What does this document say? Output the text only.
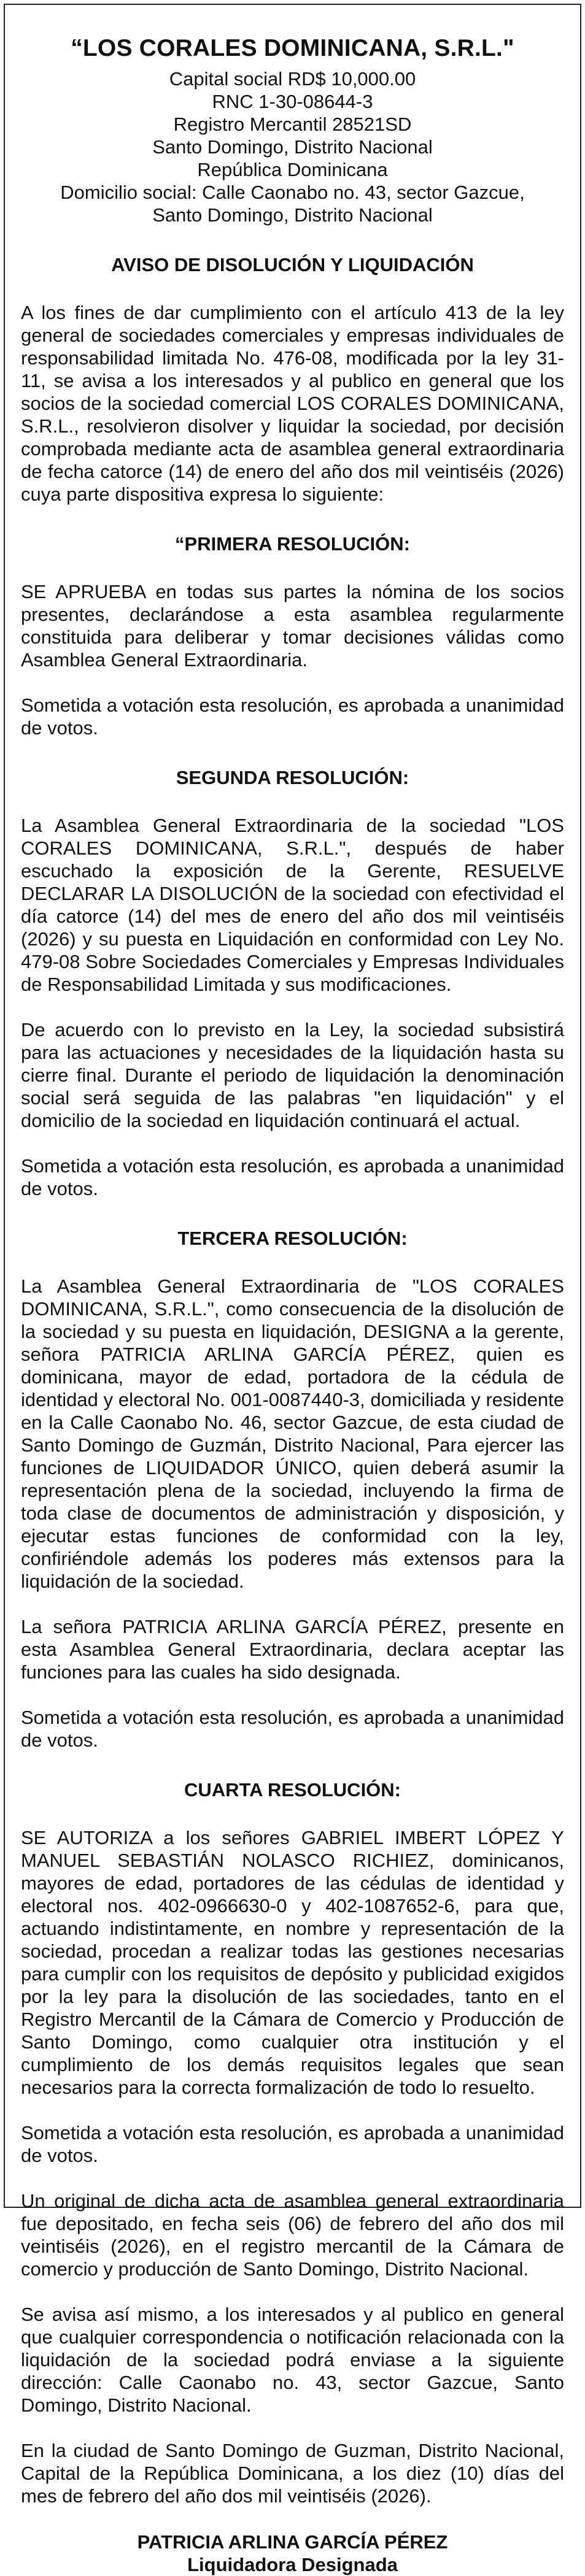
“LOS CORALES DOMINICANA, S.R.L."

Capital social RD$ 10,000.00

RNC 1-30-08644-3

Registro Mercantil 28521SD

Santo Domingo, Distrito Nacional

República Dominicana

Domicilio social: Calle Caonabo no. 43, sector Gazcue,

Santo Domingo, Distrito Nacional

AVISO DE DISOLUCIÓN Y LIQUIDACIÓN

A los fines de dar cumplimiento con el artículo 413 de la ley general de sociedades comerciales y empresas individuales de responsabilidad limitada No. 476-08, modificada por la ley 31-11, se avisa a los interesados y al publico en general que los socios de la sociedad comercial LOS CORALES DOMINICANA, S.R.L., resolvieron disolver y liquidar la sociedad, por decisión comprobada mediante acta de asamblea general extraordinaria de fecha catorce (14) de enero del año dos mil veintiséis (2026) cuya parte dispositiva expresa lo siguiente:

“PRIMERA RESOLUCIÓN:

SE APRUEBA en todas sus partes la nómina de los socios presentes, declarándose a esta asamblea regularmente constituida para deliberar y tomar decisiones válidas como Asamblea General Extraordinaria.

Sometida a votación esta resolución, es aprobada a unanimidad de votos.

SEGUNDA RESOLUCIÓN:

La Asamblea General Extraordinaria de la sociedad "LOS CORALES DOMINICANA, S.R.L.", después de haber escuchado la exposición de la Gerente, RESUELVE DECLARAR LA DISOLUCIÓN de la sociedad con efectividad el día catorce (14) del mes de enero del año dos mil veintiséis (2026) y su puesta en Liquidación en conformidad con Ley No. 479-08 Sobre Sociedades Comerciales y Empresas Individuales de Responsabilidad Limitada y sus modificaciones.

De acuerdo con lo previsto en la Ley, la sociedad subsistirá para las actuaciones y necesidades de la liquidación hasta su cierre final. Durante el periodo de liquidación la denominación social será seguida de las palabras "en liquidación" y el domicilio de la sociedad en liquidación continuará el actual.

Sometida a votación esta resolución, es aprobada a unanimidad de votos.

TERCERA RESOLUCIÓN:

La Asamblea General Extraordinaria de "LOS CORALES DOMINICANA, S.R.L.", como consecuencia de la disolución de la sociedad y su puesta en liquidación, DESIGNA a la gerente, señora PATRICIA ARLINA GARCÍA PÉREZ, quien es dominicana, mayor de edad, portadora de la cédula de identidad y electoral No. 001-0087440-3, domiciliada y residente en la Calle Caonabo No. 46, sector Gazcue, de esta ciudad de Santo Domingo de Guzmán, Distrito Nacional, Para ejercer las funciones de LIQUIDADOR ÚNICO, quien deberá asumir la representación plena de la sociedad, incluyendo la firma de toda clase de documentos de administración y disposición, y ejecutar estas funciones de conformidad con la ley, confiriéndole además los poderes más extensos para la liquidación de la sociedad.

La señora PATRICIA ARLINA GARCÍA PÉREZ, presente en esta Asamblea General Extraordinaria, declara aceptar las funciones para las cuales ha sido designada.

Sometida a votación esta resolución, es aprobada a unanimidad de votos.

CUARTA RESOLUCIÓN:

SE AUTORIZA a los señores GABRIEL IMBERT LÓPEZ Y MANUEL SEBASTIÁN NOLASCO RICHIEZ, dominicanos, mayores de edad, portadores de las cédulas de identidad y electoral nos. 402-0966630-0 y 402-1087652-6, para que, actuando indistintamente, en nombre y representación de la sociedad, procedan a realizar todas las gestiones necesarias para cumplir con los requisitos de depósito y publicidad exigidos por la ley para la disolución de las sociedades, tanto en el Registro Mercantil de la Cámara de Comercio y Producción de Santo Domingo, como cualquier otra institución y el cumplimiento de los demás requisitos legales que sean necesarios para la correcta formalización de todo lo resuelto.

Sometida a votación esta resolución, es aprobada a unanimidad de votos.

Un original de dicha acta de asamblea general extraordinaria fue depositado, en fecha seis (06) de febrero del año dos mil veintiséis (2026), en el registro mercantil de la Cámara de comercio y producción de Santo Domingo, Distrito Nacional.

Se avisa así mismo, a los interesados y al publico en general que cualquier correspondencia o notificación relacionada con la liquidación de la sociedad podrá enviase a la siguiente dirección: Calle Caonabo no. 43, sector Gazcue, Santo Domingo, Distrito Nacional.

En la ciudad de Santo Domingo de Guzman, Distrito Nacional, Capital de la República Dominicana, a los diez (10) días del mes de febrero del año dos mil veintiséis (2026).

PATRICIA ARLINA GARCÍA PÉREZ

Liquidadora Designada
